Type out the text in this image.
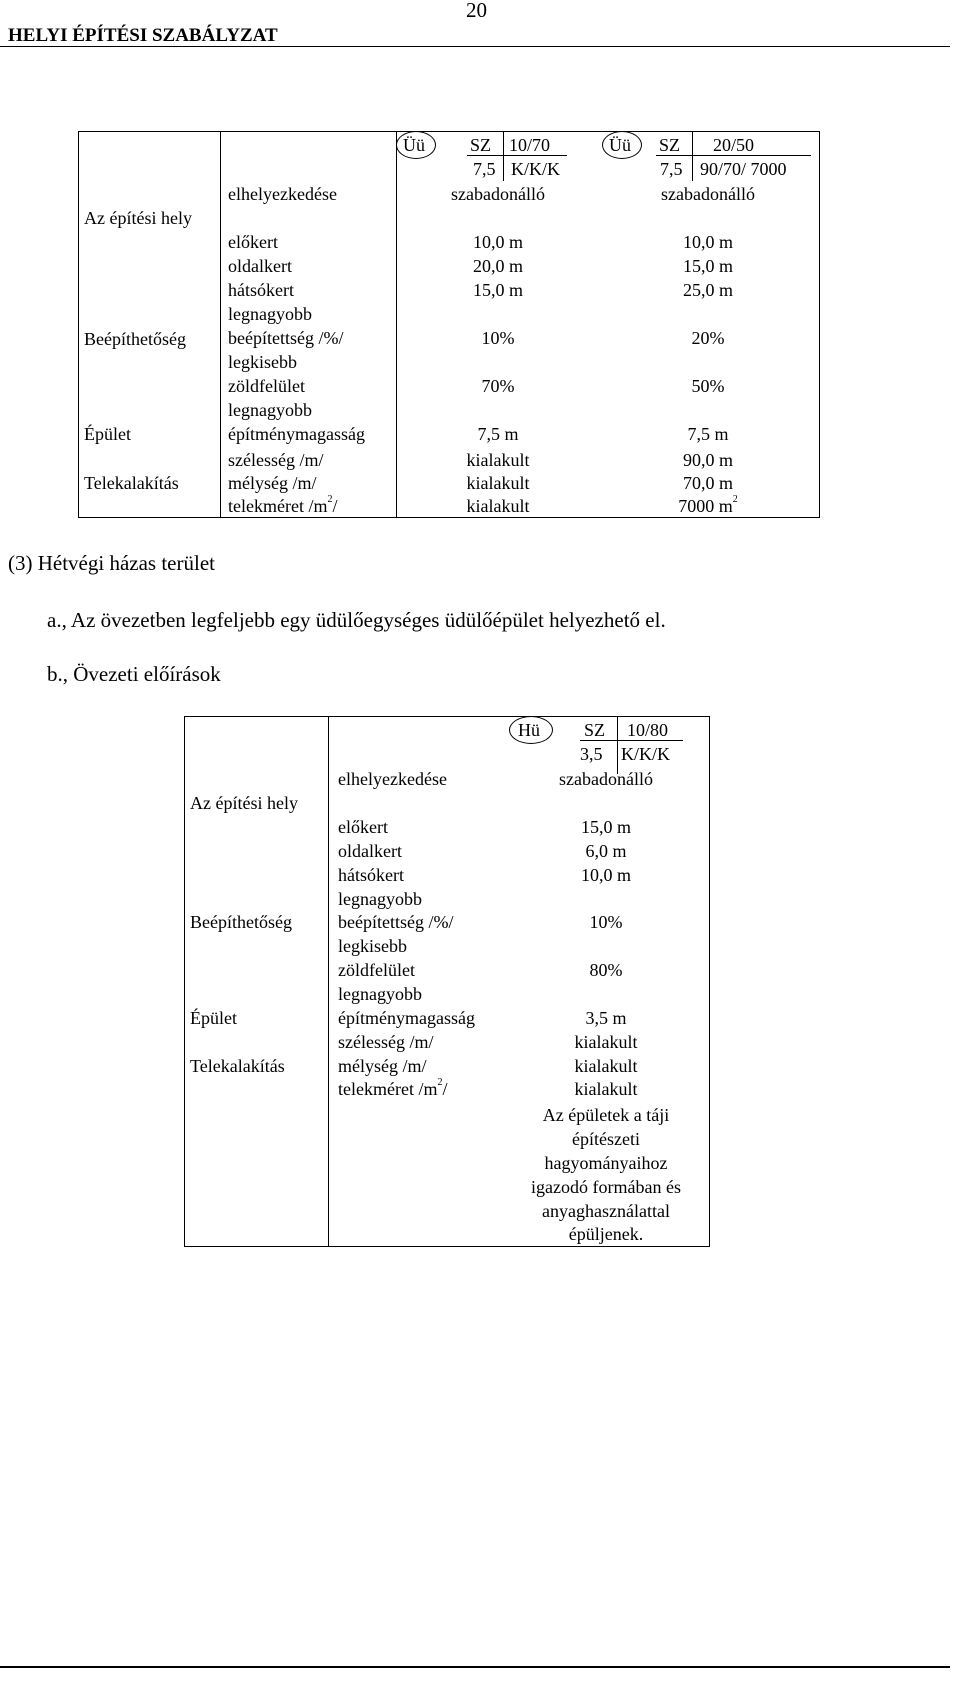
HELYI ÉPÍTÉSI SZABÁLYZAT
20
Üü	SZ 10/70
7,5 K/K/K
Üü SZ 20/50
7,5 90/70/ 7000
Az építési hely
Beépíthetőség
Épület
Telekalakítás
elhelyezkedése
előkert
oldalkert
hátsókert
legnagyobb
beépítettség /%/
legkisebb
zöldfelület
legnagyobb
építménymagasság
szélesség /m/
mélység /m/
telekméret $/m^2/$
szabadonálló
10,0 m
20,0 m
15,0 m
10%
70%
7,5 m
kialakult
kialakult
kialakult
szabadonálló
10,0 m
15,0 m
25,0 m
20%
50%
7,5 m
90,0 m
70,0 m
7000 $m^2$
(3) Hétvégi házas terület
a., Az övezetben legfeljebb egy üdülőegységes üdülőépület helyezhető el.
b., Övezeti előírások
Hü SZ 10/80
3,5 K/K/K
Az építési hely
Beépíthetőség
Épület
Telekalakítás
elhelyezkedése
előkert
oldalkert
hátsókert
legnagyobb
beépítettség /%/
legkisebb
zöldfelület
legnagyobb
építménymagasság
szélesség /m/
mélység /m/
telekméret $/m^2/$
szabadonálló
15,0 m
6,0 m
10,0 m
10%
80%
3,5 m
kialakult
kialakult
kialakult
Az épületek a táji
építészeti
hagyományaihoz
igazodó formában és
anyaghasználattal
épüljenek.
